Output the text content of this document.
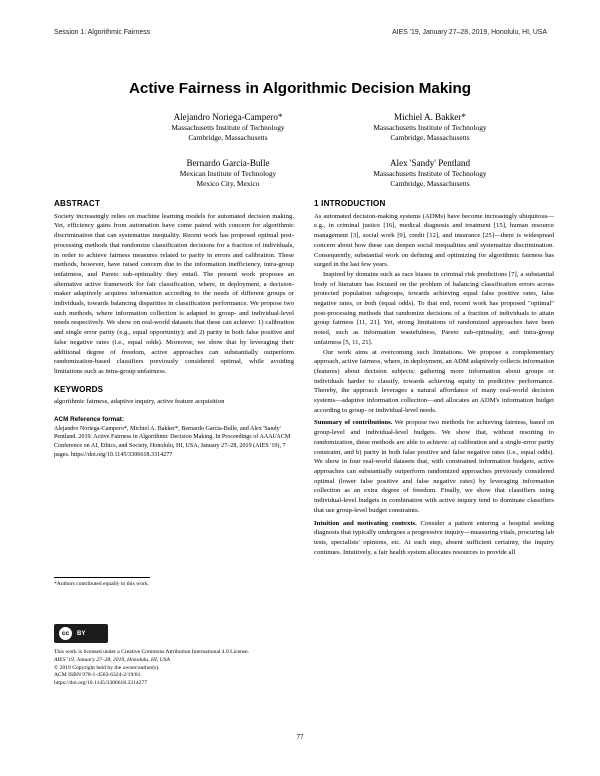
Session 1: Algorithmic Fairness	AIES '19, January 27–28, 2019, Honolulu, HI, USA
Active Fairness in Algorithmic Decision Making
Alejandro Noriega-Campero*
Massachusetts Institute of Technology
Cambridge, Massachusetts
Michiel A. Bakker*
Massachusetts Institute of Technology
Cambridge, Massachusetts
Bernardo Garcia-Bulle
Mexican Institute of Technology
Mexico City, Mexico
Alex 'Sandy' Pentland
Massachusetts Institute of Technology
Cambridge, Massachusetts
ABSTRACT

Society increasingly relies on machine learning models for automated decision making. Yet, efficiency gains from automation have come paired with concern for algorithmic discrimination that can systematize inequality. Recent work has proposed optimal post-processing methods that randomize classification decisions for a fraction of individuals, in order to achieve fairness measures related to parity in errors and calibration. These methods, however, have raised concern due to the information inefficiency, intra-group unfairness, and Pareto sub-optimality they entail. The present work proposes an alternative active framework for fair classification, where, in deployment, a decision-maker adaptively acquires information according to the needs of different groups or individuals, towards balancing disparities in classification performance. We propose two such methods, where information collection is adapted to group- and individual-level needs respectively. We show on real-world datasets that these can achieve: 1) calibration and single error parity (e.g., equal opportunity); and 2) parity in both false positive and false negative rates (i.e., equal odds). Moreover, we show that by leveraging their additional degree of freedom, active approaches can substantially outperform randomization-based classifiers previously considered optimal, while avoiding limitations such as intra-group unfairness.

KEYWORDS

algorithmic fairness, adaptive inquiry, active feature acquisition

ACM Reference format:
Alejandro Noriega-Campero*, Michiel A. Bakker*, Bernardo Garcia-Bulle, and Alex 'Sandy' Pentland. 2019. Active Fairness in Algorithmic Decision Making. In Proceedings of AAAI/ACM Conference on AI, Ethics, and Society, Honolulu, HI, USA, January 27–28, 2019 (AIES '19), 7 pages. https://doi.org/10.1145/3306618.3314277
*Authors contributed equally to this work.
cc	BY
This work is licensed under a Creative Commons Attribution International 4.0 License.
AIES '19, January 27–28, 2019, Honolulu, HI, USA
© 2019 Copyright held by the owner/author(s).
ACM ISBN 978-1-4503-6324-2/19/01.
https://doi.org/10.1145/3306618.3314277
1 INTRODUCTION

As automated decision-making systems (ADMs) have become increasingly ubiquitous—e.g., in criminal justice [16], medical diagnosis and treatment [15], human resource management [3], social work [9], credit [12], and insurance [25]—there is widespread concern about how these can deepen social inequalities and systematize discrimination. Consequently, substantial work on defining and optimizing for algorithmic fairness has surged in the last few years.

Inspired by domains such as race biases in criminal risk predictions [7], a substantial body of literature has focused on the problem of balancing classification errors across protected population subgroups, towards achieving equal false positive rates, false negative rates, or both (equal odds). To that end, recent work has proposed "optimal" post-processing methods that randomize decisions of a fraction of individuals to attain group fairness [11, 21]. Yet, strong limitations of randomized approaches have been noted, such as information wastefulness, Pareto sub-optimality, and intra-group unfairness [5, 11, 21].

Our work aims at overcoming such limitations. We propose a complementary approach, active fairness, where, in deployment, an ADM adaptively collects information (features) about decision subjects; gathering more information about groups or individuals harder to classify, towards achieving equity in predictive performance. Thereby, the approach leverages a natural affordance of many real-world decision systems—adaptive information collection—and allocates an ADM's information budget according to group- or individual-level needs.

Summary of contributions. We propose two methods for achieving fairness, based on group-level and individual-level budgets. We show that, without resorting to randomization, these methods are able to achieve: a) calibration and a single-error parity constraint, and b) parity in both false positive and false negative rates (i.e., equal odds). We show in four real-world datasets that, with constrained information budgets, active approaches can substantially outperform randomized approaches previously considered optimal (lower false positive and false negative rates) by leveraging information collection as an extra degree of freedom. Finally, we show that classifiers using individual-level budgets in combination with active inquiry tend to dominate classifiers that use group-level budget constraints.

Intuition and motivating contexts. Consider a patient entering a hospital seeking diagnosis that typically undergoes a progressive inquiry—measuring vitals, procuring lab tests, specialists' opinions, etc. At each step, absent sufficient certainty, the inquiry continues. Intuitively, a fair health system allocates resources to provide all

77
